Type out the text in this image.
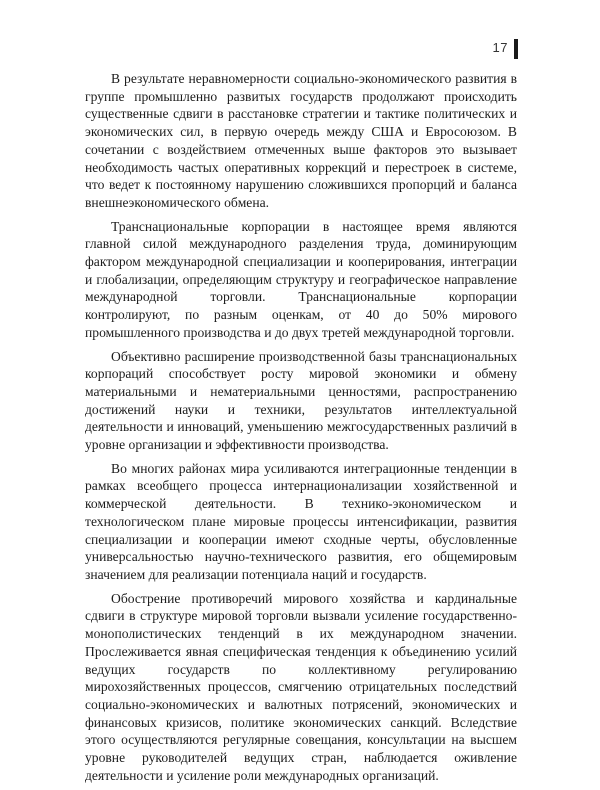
17

В результате неравномерности социально-экономического развития в группе промышленно развитых государств продолжают происходить существенные сдвиги в расстановке стратегии и тактике политических и экономических сил, в первую очередь между США и Евросоюзом. В сочетании с воздействием отмеченных выше факторов это вызывает необходимость частых оперативных коррекций и перестроек в системе, что ведет к постоянному нарушению сложившихся пропорций и баланса внешнеэкономического обмена.

Транснациональные корпорации в настоящее время являются главной силой международного разделения труда, доминирующим фактором международной специализации и кооперирования, интеграции и глобализации, определяющим структуру и географическое направление международной торговли. Транснациональные корпорации контролируют, по разным оценкам, от 40 до 50% мирового промышленного производства и до двух третей международной торговли.

Объективно расширение производственной базы транснациональных корпораций способствует росту мировой экономики и обмену материальными и нематериальными ценностями, распространению достижений науки и техники, результатов интеллектуальной деятельности и инноваций, уменьшению межгосударственных различий в уровне организации и эффективности производства.

Во многих районах мира усиливаются интеграционные тенденции в рамках всеобщего процесса интернационализации хозяйственной и коммерческой деятельности. В технико-экономическом и технологическом плане мировые процессы интенсификации, развития специализации и кооперации имеют сходные черты, обусловленные универсальностью научно-технического развития, его общемировым значением для реализации потенциала наций и государств.

Обострение противоречий мирового хозяйства и кардинальные сдвиги в структуре мировой торговли вызвали усиление государственно-монополистических тенденций в их международном значении. Прослеживается явная специфическая тенденция к объединению усилий ведущих государств по коллективному регулированию мирохозяйственных процессов, смягчению отрицательных последствий социально-экономических и валютных потрясений, экономических и финансовых кризисов, политике экономических санкций. Вследствие этого осуществляются регулярные совещания, консультации на высшем уровне руководителей ведущих стран, наблюдается оживление деятельности и усиление роли международных организаций.
